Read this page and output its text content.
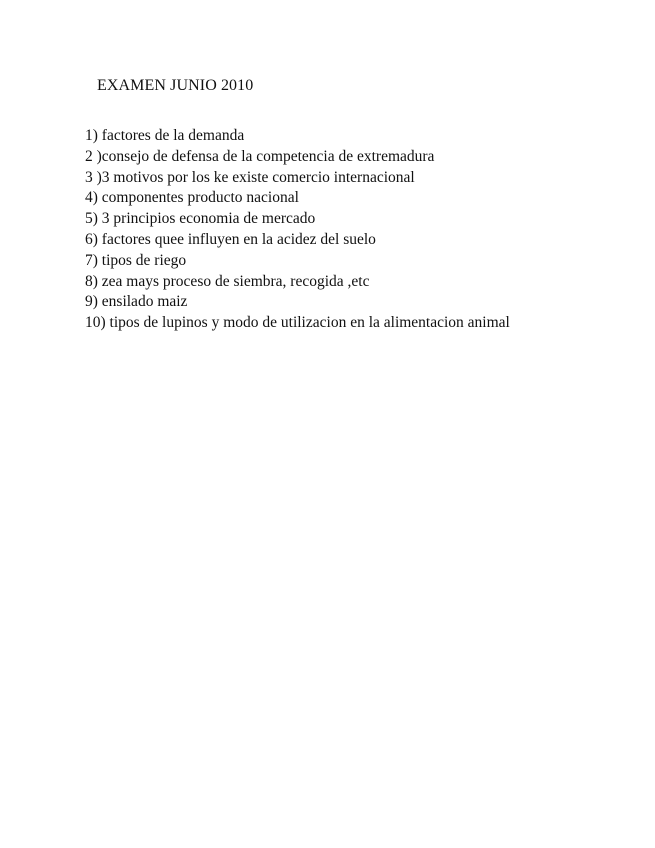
EXAMEN JUNIO 2010
1) factores de la demanda
2 )consejo de defensa de la competencia de extremadura
3 )3 motivos por los ke existe comercio internacional
4) componentes producto nacional
5) 3 principios economia de mercado
6) factores quee influyen en la acidez del suelo
7) tipos de riego
8) zea mays proceso de siembra, recogida ,etc
9) ensilado maiz
10) tipos de lupinos y modo de utilizacion en la alimentacion animal
